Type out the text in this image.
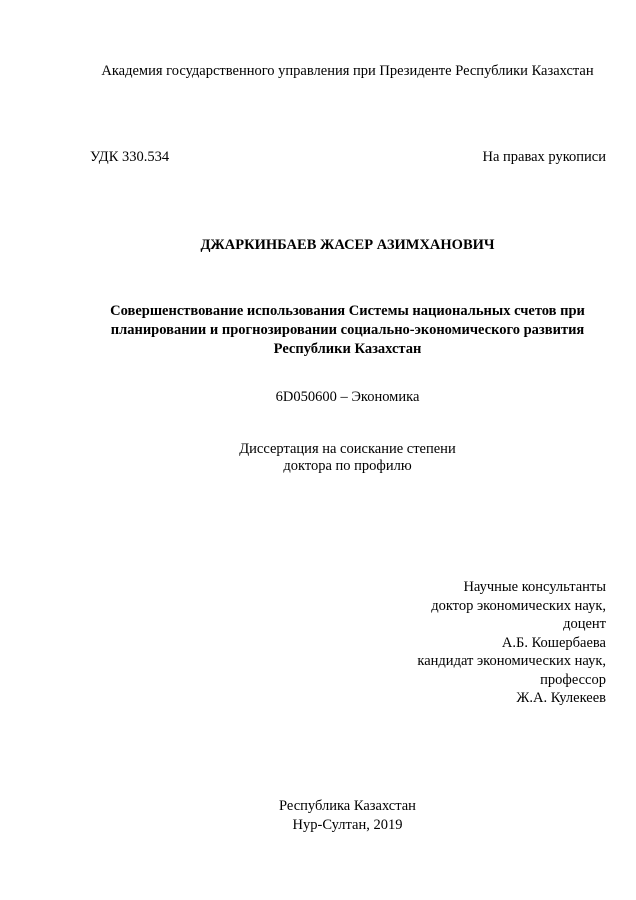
Академия государственного управления при Президенте Республики Казахстан
УДК 330.534	На правах рукописи
ДЖАРКИНБАЕВ ЖАСЕР АЗИМХАНОВИЧ
Совершенствование использования Системы национальных счетов при
планировании и прогнозировании социально-экономического развития
Республики Казахстан
6D050600 – Экономика
Диссертация на соискание степени
доктора по профилю
Научные консультанты
доктор экономических наук,
доцент
А.Б. Кошербаева
кандидат экономических наук,
профессор
Ж.А. Кулекеев
Республика Казахстан
Нур-Султан, 2019
